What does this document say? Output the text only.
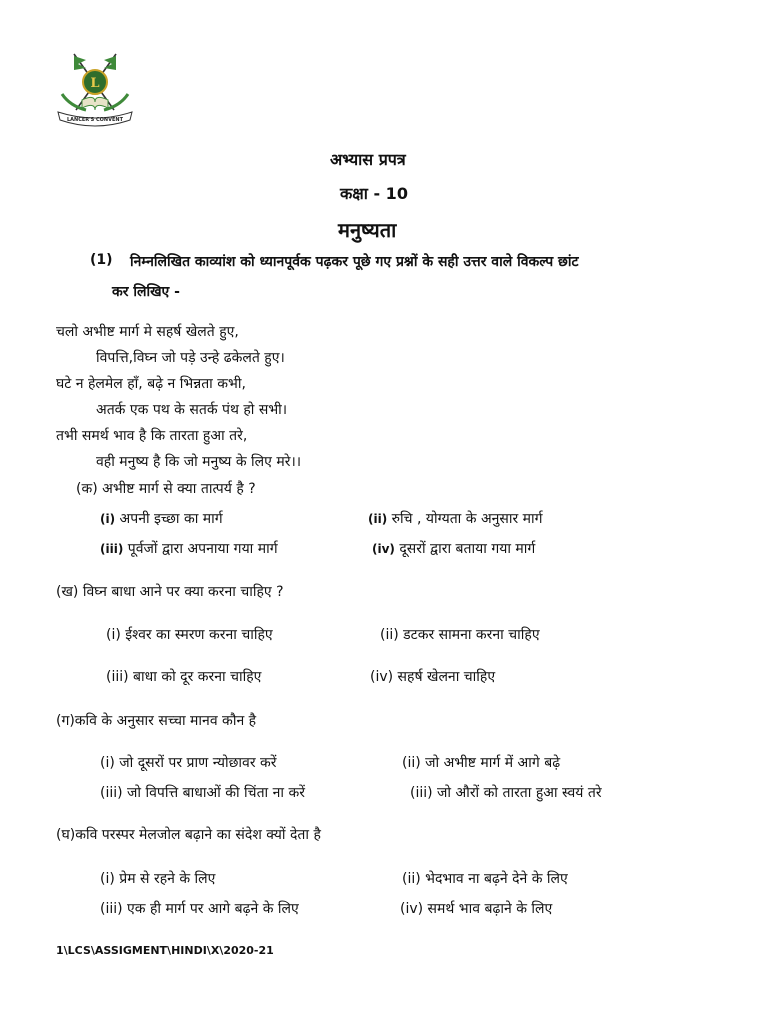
L
LANCER'S CONVENT
अभ्यास प्रपत्र
कक्षा - 10
मनुष्यता
(1) निम्नलिखित काव्यांश को ध्यानपूर्वक पढ़कर पूछे गए प्रश्नों के सही उत्तर वाले विकल्प छांट
कर लिखिए -
चलो अभीष्ट मार्ग मे सहर्ष खेलते हुए,
विपत्ति,विघ्न जो पड़े उन्हे ढकेलते हुए।
घटे न हेलमेल हाँ, बढ़े न भिन्नता कभी,
अतर्क एक पथ के सतर्क पंथ हो सभी।
तभी समर्थ भाव है कि तारता हुआ तरे,
वही मनुष्य है कि जो मनुष्य के लिए मरे।।
(क) अभीष्ट मार्ग से क्या तात्पर्य है ?
(i) अपनी इच्छा का मार्ग	(ii) रुचि , योग्यता के अनुसार मार्ग
(iii) पूर्वजों द्वारा अपनाया गया मार्ग	(iv) दूसरों द्वारा बताया गया मार्ग
(ख) विघ्न बाधा आने पर क्या करना चाहिए ?
(i) ईश्वर का स्मरण करना चाहिए	(ii) डटकर सामना करना चाहिए
(iii) बाधा को दूर करना चाहिए	(iv) सहर्ष खेलना चाहिए
(ग)कवि के अनुसार सच्चा मानव कौन है
(i) जो दूसरों पर प्राण न्योछावर करें	(ii) जो अभीष्ट मार्ग में आगे बढ़े
(iii) जो विपत्ति बाधाओं की चिंता ना करें	(iii) जो औरों को तारता हुआ स्वयं तरे
(घ)कवि परस्पर मेलजोल बढ़ाने का संदेश क्यों देता है
(i) प्रेम से रहने के लिए	(ii) भेदभाव ना बढ़ने देने के लिए
(iii) एक ही मार्ग पर आगे बढ़ने के लिए	(iv) समर्थ भाव बढ़ाने के लिए
1\LCS\ASSIGMENT\HINDI\X\2020-21
